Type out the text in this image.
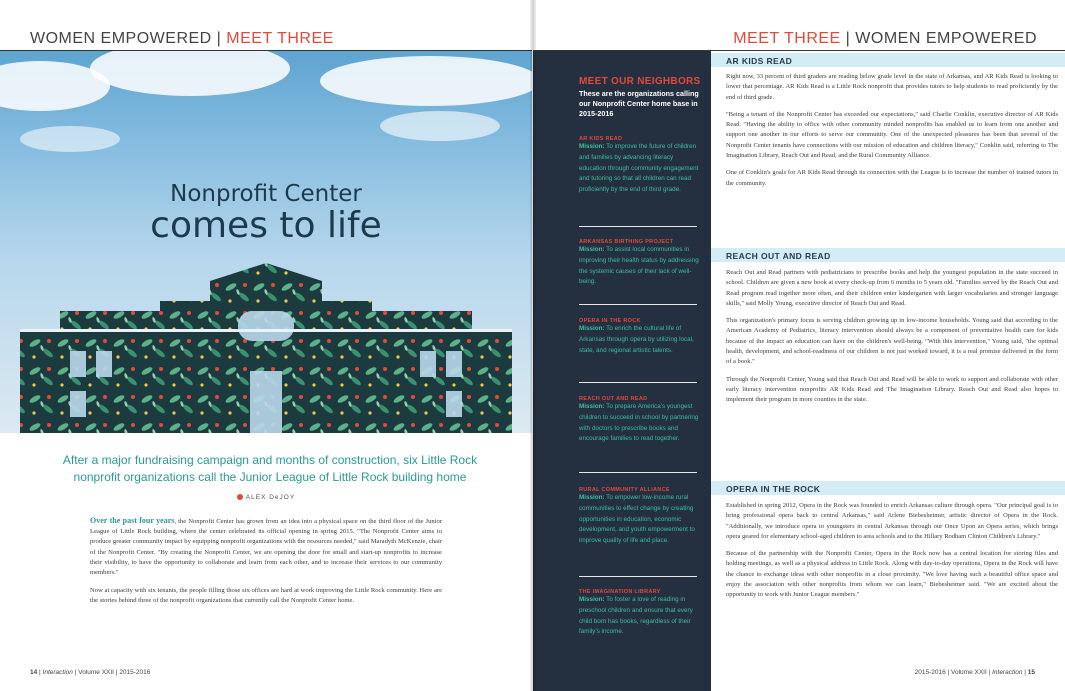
WOMEN EMPOWERED | MEET THREE
Nonprofit Center
comes to life
After a major fundraising campaign and months of construction, six Little Rock nonprofit organizations call the Junior League of Little Rock building home
ALEX DeJOY

Over the past four years, the Nonprofit Center has grown from an idea into a physical space on the third floor of the Junior League of Little Rock building, where the center celebrated its official opening in spring 2015. "The Nonprofit Center aims to produce greater community impact by equipping nonprofit organizations with the resources needed," said Maradyth McKenzie, chair of the Nonprofit Center. "By creating the Nonprofit Center, we are opening the door for small and start-up nonprofits to increase their visibility, to have the opportunity to collaborate and learn from each other, and to increase their services to our community members."

Now at capacity with six tenants, the people filling those six offices are hard at work improving the Little Rock community. Here are the stories behind three of the nonprofit organizations that currently call the Nonprofit Center home.

14 | Interaction | Volume XXII | 2015-2016
MEET THREE | WOMEN EMPOWERED
MEET OUR NEIGHBORS
These are the organizations calling our Nonprofit Center home base in 2015-2016
AR KIDS READ
Mission: To improve the future of children and families by advancing literacy education through community engagement and tutoring so that all children can read proficiently by the end of third grade.
ARKANSAS BIRTHING PROJECT
Mission: To assist local communities in improving their health status by addressing the systemic causes of their lack of well-being.
OPERA IN THE ROCK
Mission: To enrich the cultural life of Arkansas through opera by utilizing local, state, and regional artistic talents.
REACH OUT AND READ
Mission: To prepare America's youngest children to succeed in school by partnering with doctors to prescribe books and encourage families to read together.
RURAL COMMUNITY ALLIANCE
Mission: To empower low-income rural communities to effect change by creating opportunities in education, economic development, and youth empowerment to improve quality of life and place.
THE IMAGINATION LIBRARY
Mission: To foster a love of reading in preschool children and ensure that every child born has books, regardless of their family's income.
AR KIDS READ

Right now, 33 percent of third graders are reading below grade level in the state of Arkansas, and AR Kids Read is looking to lower that percentage. AR Kids Read is a Little Rock nonprofit that provides tutors to help students to read proficiently by the end of third grade.

"Being a tenant of the Nonprofit Center has exceeded our expectations," said Charlie Conklin, executive director of AR Kids Read. "Having the ability to office with other community minded nonprofits has enabled us to learn from one another and support one another in our efforts to serve our community. One of the unexpected pleasures has been that several of the Nonprofit Center tenants have connections with our mission of education and children literacy," Conklin said, referring to The Imagination Library, Reach Out and Read, and the Rural Community Alliance.

One of Conklin's goals for AR Kids Read through its connection with the League is to increase the number of trained tutors in the community.

REACH OUT AND READ

Reach Out and Read partners with pediatricians to prescribe books and help the youngest population in the state succeed in school. Children are given a new book at every check-up from 6 months to 5 years old. "Families served by the Reach Out and Read program read together more often, and their children enter kindergarten with larger vocabularies and stronger language skills," said Molly Young, executive director of Reach Out and Read.

This organization's primary focus is serving children growing up in low-income households. Young said that according to the American Academy of Pediatrics, literacy intervention should always be a component of preventative health care for kids because of the impact an education can have on the children's well-being. "With this intervention," Young said, "the optimal health, development, and school-readiness of our children is not just worked toward, it is a real promise delivered in the form of a book."

Through the Nonprofit Center, Young said that Reach Out and Read will be able to work to support and collaborate with other early literacy intervention nonprofits AR Kids Read and The Imagination Library. Reach Out and Read also hopes to implement their program in more counties in the state.

OPERA IN THE ROCK

Established in spring 2012, Opera in the Rock was founded to enrich Arkansas culture through opera. "Our principal goal is to bring professional opera back to central Arkansas," said Arlene Biebesheimer, artistic director of Opera in the Rock. "Additionally, we introduce opera to youngsters in central Arkansas through our Once Upon an Opera series, which brings opera geared for elementary school-aged children to area schools and to the Hillary Rodham Clinton Children's Library."

Because of the partnership with the Nonprofit Center, Opera in the Rock now has a central location for storing files and holding meetings, as well as a physical address in Little Rock. Along with day-to-day operations, Opera in the Rock will have the chance to exchange ideas with other nonprofits in a close proximity. "We love having such a beautiful office space and enjoy the association with other nonprofits from whom we can learn," Biebesheimer said. "We are excited about the opportunity to work with Junior League members."

2015-2016 | Volume XXII | Interaction | 15
